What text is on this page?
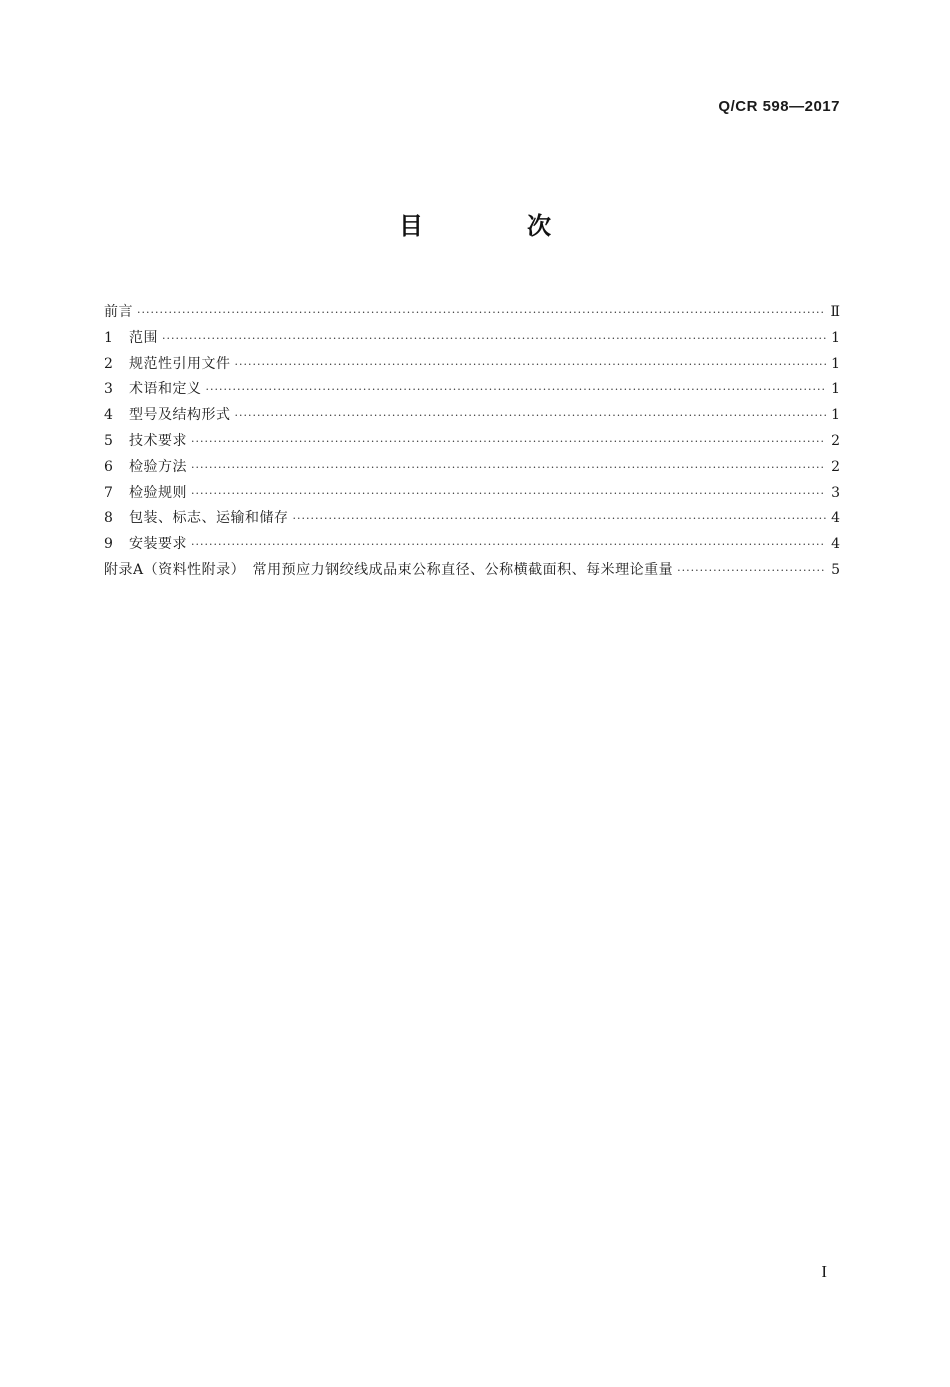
Q/CR 598—2017
目　次
前言 ·····	Ⅱ
1	范围 ·····	1
2	规范性引用文件 ·····	1
3	术语和定义 ·····	1
4	型号及结构形式 ·····	1
5	技术要求 ·····	2
6	检验方法 ·····	2
7	检验规则 ·····	3
8	包装、标志、运输和储存 ·····	4
9	安装要求 ·····	4
附录A（资料性附录）　常用预应力钢绞线成品束公称直径、公称横截面积、每米理论重量 ·····	5
I
